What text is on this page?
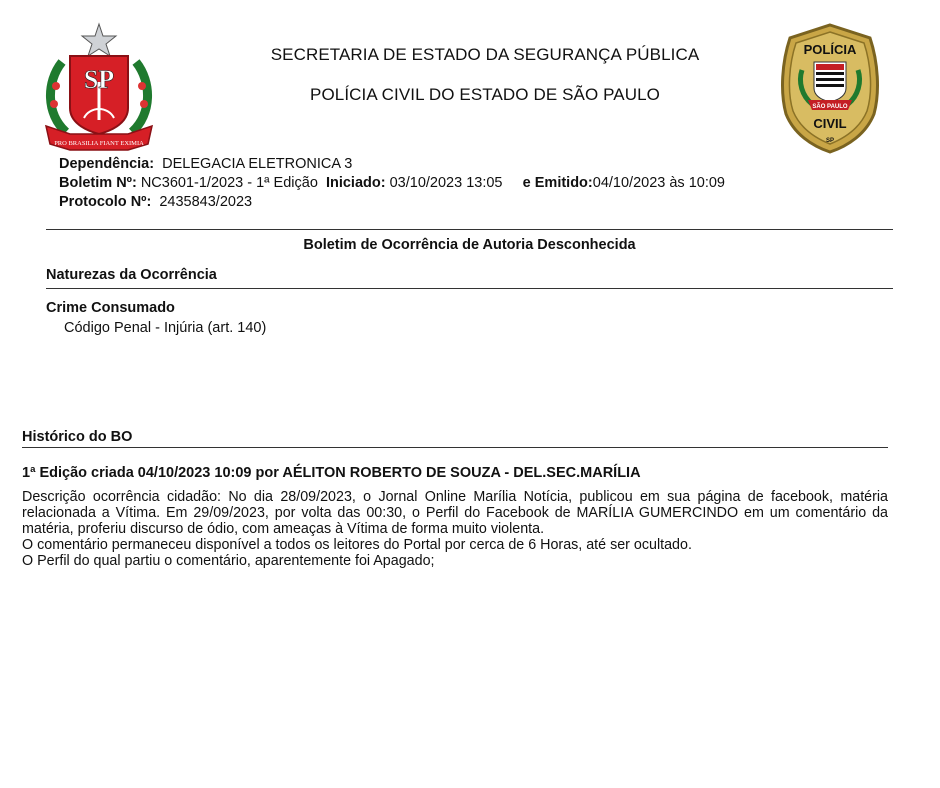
SP
PRO BRASILIA FIANT EXIMIA
POLÍCIA
SÃO PAULO
CIVIL
SP
SECRETARIA DE ESTADO DA SEGURANÇA PÚBLICA
POLÍCIA CIVIL DO ESTADO DE SÃO PAULO
Dependência: DELEGACIA ELETRONICA 3
Boletim Nº: NC3601-1/2023 - 1ª Edição Iniciado: 03/10/2023 13:05 e Emitido:04/10/2023 às 10:09
Protocolo Nº: 2435843/2023
Boletim de Ocorrência de Autoria Desconhecida
Naturezas da Ocorrência
Crime Consumado
Código Penal - Injúria (art. 140)
Histórico do BO
1ª Edição criada 04/10/2023 10:09 por AÉLITON ROBERTO DE SOUZA - DEL.SEC.MARÍLIA

Descrição ocorrência cidadão: No dia 28/09/2023, o Jornal Online Marília Notícia, publicou em sua página de facebook, matéria relacionada a Vítima. Em 29/09/2023, por volta das 00:30, o Perfil do Facebook de MARÍLIA GUMERCINDO em um comentário da matéria, proferiu discurso de ódio, com ameaças à Vítima de forma muito violenta.

O comentário permaneceu disponível a todos os leitores do Portal por cerca de 6 Horas, até ser ocultado.

O Perfil do qual partiu o comentário, aparentemente foi Apagado;
